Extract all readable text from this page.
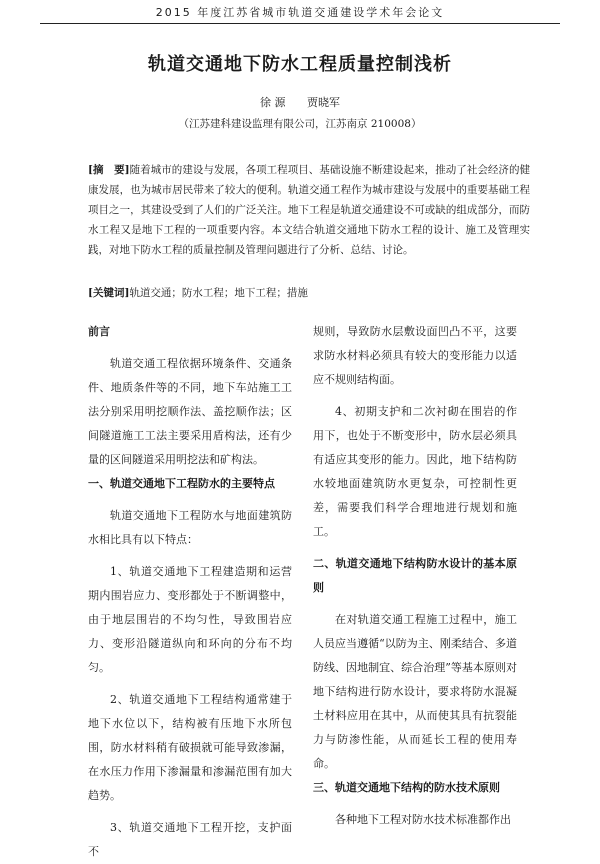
2015 年度江苏省城市轨道交通建设学术年会论文
轨道交通地下防水工程质量控制浅析
徐 源 贾晓军
（江苏建科建设监理有限公司，江苏南京 210008）
[摘　要]随着城市的建设与发展，各项工程项目、基础设施不断建设起来，推动了社会经济的健康发展，也为城市居民带来了较大的便利。轨道交通工程作为城市建设与发展中的重要基础工程项目之一，其建设受到了人们的广泛关注。地下工程是轨道交通建设不可或缺的组成部分，而防水工程又是地下工程的一项重要内容。本文结合轨道交通地下防水工程的设计、施工及管理实践，对地下防水工程的质量控制及管理问题进行了分析、总结、讨论。
[关键词]轨道交通；防水工程；地下工程；措施
前言

轨道交通工程依据环境条件、交通条件、地质条件等的不同，地下车站施工工法分别采用明挖顺作法、盖挖顺作法；区间隧道施工工法主要采用盾构法，还有少量的区间隧道采用明挖法和矿构法。

一、轨道交通地下工程防水的主要特点

轨道交通地下工程防水与地面建筑防水相比具有以下特点：

1、轨道交通地下工程建造期和运营期内围岩应力、变形都处于不断调整中，由于地层围岩的不均匀性，导致围岩应力、变形沿隧道纵向和环向的分布不均匀。

2、轨道交通地下工程结构通常建于地下水位以下，结构被有压地下水所包围，防水材料稍有破损就可能导致渗漏，在水压力作用下渗漏量和渗漏范围有加大趋势。

3、轨道交通地下工程开挖，支护面不

规则，导致防水层敷设面凹凸不平，这要求防水材料必须具有较大的变形能力以适应不规则结构面。

4、初期支护和二次衬砌在围岩的作用下，也处于不断变形中，防水层必须具有适应其变形的能力。因此，地下结构防水较地面建筑防水更复杂，可控制性更差，需要我们科学合理地进行规划和施工。

二、轨道交通地下结构防水设计的基本原则

在对轨道交通工程施工过程中，施工人员应当遵循“以防为主、刚柔结合、多道防线、因地制宜、综合治理”等基本原则对地下结构进行防水设计，要求将防水混凝土材料应用在其中，从而使其具有抗裂能力与防渗性能，从而延长工程的使用寿命。

三、轨道交通地下结构的防水技术原则

各种地下工程对防水技术标准都作出
